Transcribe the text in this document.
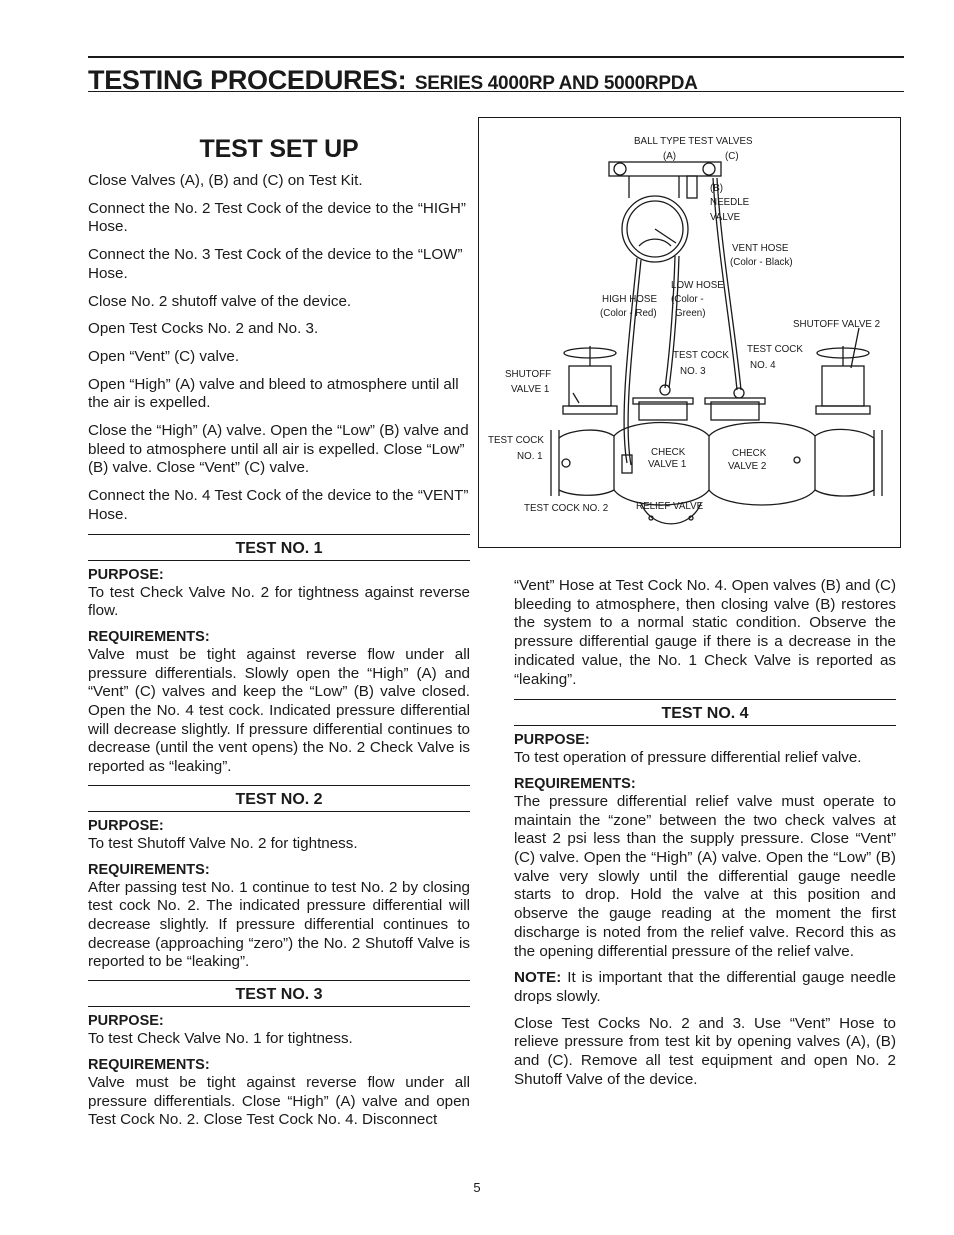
TESTING PROCEDURES: SERIES 4000RP AND 5000RPDA

TEST SET UP

Close Valves (A), (B) and (C) on Test Kit.

Connect the No. 2 Test Cock of the device to the “HIGH” Hose.

Connect the No. 3 Test Cock of the device to the “LOW” Hose.

Close No. 2 shutoff valve of the device.

Open Test Cocks No. 2 and No. 3.

Open “Vent” (C) valve.

Open “High” (A) valve and bleed to atmosphere until all the air is expelled.

Close the “High” (A) valve. Open the “Low” (B) valve and bleed to atmosphere until all air is expelled. Close “Low” (B) valve. Close “Vent” (C) valve.

Connect the No. 4 Test Cock of the device to the “VENT” Hose.

TEST NO. 1
PURPOSE:

To test Check Valve No. 2 for tightness against reverse flow.

REQUIREMENTS:

Valve must be tight against reverse flow under all pressure differentials. Slowly open the “High” (A) and “Vent” (C) valves and keep the “Low” (B) valve closed. Open the No. 4 test cock. Indicated pressure differential will decrease slightly. If pressure differential continues to decrease (until the vent opens) the No. 2 Check Valve is reported as “leaking”.

TEST NO. 2
PURPOSE:

To test Shutoff Valve No. 2 for tightness.

REQUIREMENTS:

After passing test No. 1 continue to test No. 2 by closing test cock No. 2. The indicated pressure differential will decrease slightly. If pressure differential continues to decrease (approaching “zero”) the No. 2 Shutoff Valve is reported to be “leaking”.

TEST NO. 3
PURPOSE:

To test Check Valve No. 1 for tightness.

REQUIREMENTS:

Valve must be tight against reverse flow under all pressure differentials. Close “High” (A) valve and open Test Cock No. 2. Close Test Cock No. 4. Disconnect

BALL TYPE TEST VALVES
(A)	(C)
(B)
NEEDLE
VALVE
VENT HOSE
(Color - Black)
LOW HOSE
(Color -
Green)
HIGH HOSE
(Color - Red)
SHUTOFF VALVE 2
TEST COCK
NO. 3
TEST COCK
NO. 4
SHUTOFF
VALVE 1
TEST COCK
NO. 1	CHECK
VALVE 1
CHECK
VALVE 2
TEST COCK NO. 2	RELIEF VALVE

“Vent” Hose at Test Cock No. 4. Open valves (B) and (C) bleeding to atmosphere, then closing valve (B) restores the system to a normal static condition. Observe the pressure differential gauge if there is a decrease in the indicated value, the No. 1 Check Valve is reported as “leaking”.

TEST NO. 4
PURPOSE:

To test operation of pressure differential relief valve.

REQUIREMENTS:

The pressure differential relief valve must operate to maintain the “zone” between the two check valves at least 2 psi less than the supply pressure. Close “Vent” (C) valve. Open the “High” (A) valve. Open the “Low” (B) valve very slowly until the differential gauge needle starts to drop. Hold the valve at this position and observe the gauge reading at the moment the first discharge is noted from the relief valve. Record this as the opening differential pressure of the relief valve.

NOTE: It is important that the differential gauge needle drops slowly.

Close Test Cocks No. 2 and 3. Use “Vent” Hose to relieve pressure from test kit by opening valves (A), (B) and (C). Remove all test equipment and open No. 2 Shutoff Valve of the device.

5
